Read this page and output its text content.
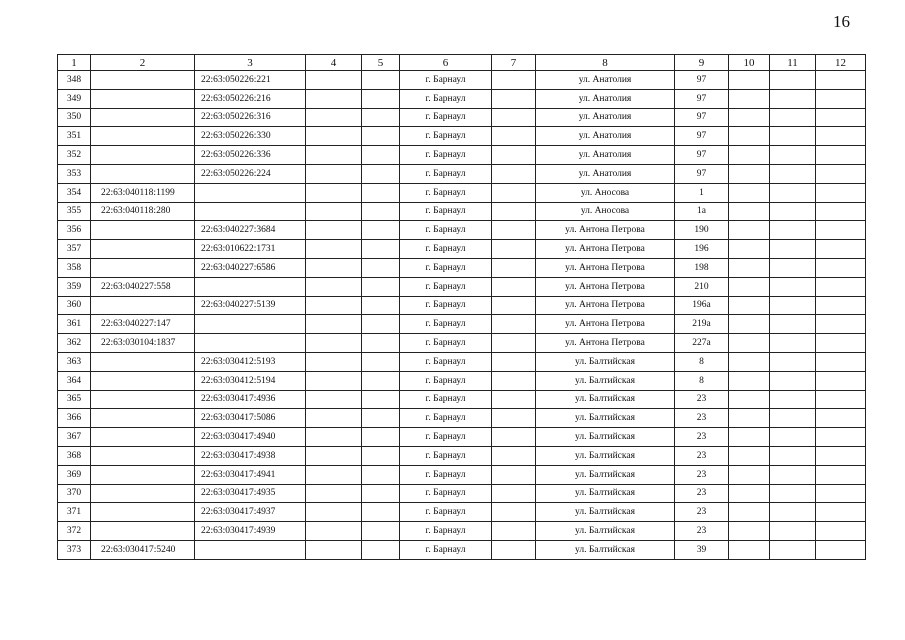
16
1	2	3	4	5	6	7	8	9	10	11	12
348		22:63:050226:221			г. Барнаул		ул. Анатолия	97			
349		22:63:050226:216			г. Барнаул		ул. Анатолия	97			
350		22:63:050226:316			г. Барнаул		ул. Анатолия	97			
351		22:63:050226:330			г. Барнаул		ул. Анатолия	97			
352		22:63:050226:336			г. Барнаул		ул. Анатолия	97			
353		22:63:050226:224			г. Барнаул		ул. Анатолия	97			
354	22:63:040118:1199				г. Барнаул		ул. Аносова	1			
355	22:63:040118:280				г. Барнаул		ул. Аносова	1а			
356		22:63:040227:3684			г. Барнаул		ул. Антона Петрова	190			
357		22:63:010622:1731			г. Барнаул		ул. Антона Петрова	196			
358		22:63:040227:6586			г. Барнаул		ул. Антона Петрова	198			
359	22:63:040227:558				г. Барнаул		ул. Антона Петрова	210			
360		22:63:040227:5139			г. Барнаул		ул. Антона Петрова	196а			
361	22:63:040227:147				г. Барнаул		ул. Антона Петрова	219а			
362	22:63:030104:1837				г. Барнаул		ул. Антона Петрова	227а			
363		22:63:030412:5193			г. Барнаул		ул. Балтийская	8			
364		22:63:030412:5194			г. Барнаул		ул. Балтийская	8			
365		22:63:030417:4936			г. Барнаул		ул. Балтийская	23			
366		22:63:030417:5086			г. Барнаул		ул. Балтийская	23			
367		22:63:030417:4940			г. Барнаул		ул. Балтийская	23			
368		22:63:030417:4938			г. Барнаул		ул. Балтийская	23			
369		22:63:030417:4941			г. Барнаул		ул. Балтийская	23			
370		22:63:030417:4935			г. Барнаул		ул. Балтийская	23			
371		22:63:030417:4937			г. Барнаул		ул. Балтийская	23			
372		22:63:030417:4939			г. Барнаул		ул. Балтийская	23			
373	22:63:030417:5240				г. Барнаул		ул. Балтийская	39			
